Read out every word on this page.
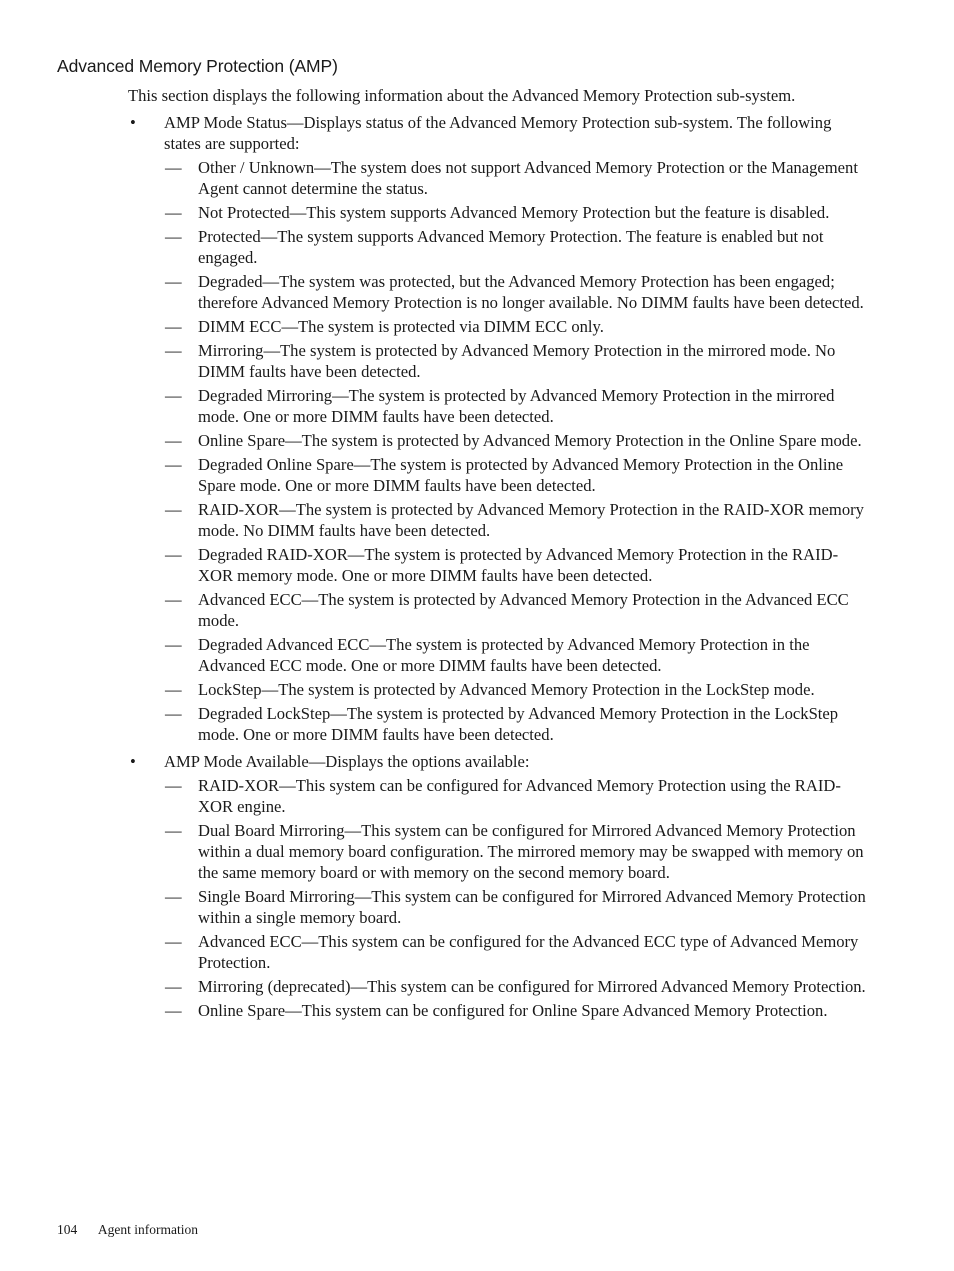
Advanced Memory Protection (AMP)

This section displays the following information about the Advanced Memory Protection sub-system.

• AMP Mode Status—Displays status of the Advanced Memory Protection sub-system. The following states are supported:
— Other / Unknown—The system does not support Advanced Memory Protection or the Management Agent cannot determine the status.
— Not Protected—This system supports Advanced Memory Protection but the feature is disabled.
— Protected—The system supports Advanced Memory Protection. The feature is enabled but not engaged.
— Degraded—The system was protected, but the Advanced Memory Protection has been engaged; therefore Advanced Memory Protection is no longer available. No DIMM faults have been detected.
— DIMM ECC—The system is protected via DIMM ECC only.
— Mirroring—The system is protected by Advanced Memory Protection in the mirrored mode. No DIMM faults have been detected.
— Degraded Mirroring—The system is protected by Advanced Memory Protection in the mirrored mode. One or more DIMM faults have been detected.
— Online Spare—The system is protected by Advanced Memory Protection in the Online Spare mode.
— Degraded Online Spare—The system is protected by Advanced Memory Protection in the Online Spare mode. One or more DIMM faults have been detected.
— RAID-XOR—The system is protected by Advanced Memory Protection in the RAID-XOR memory mode. No DIMM faults have been detected.
— Degraded RAID-XOR—The system is protected by Advanced Memory Protection in the RAID-XOR memory mode. One or more DIMM faults have been detected.
— Advanced ECC—The system is protected by Advanced Memory Protection in the Advanced ECC mode.
— Degraded Advanced ECC—The system is protected by Advanced Memory Protection in the Advanced ECC mode. One or more DIMM faults have been detected.
— LockStep—The system is protected by Advanced Memory Protection in the LockStep mode.
— Degraded LockStep—The system is protected by Advanced Memory Protection in the LockStep mode. One or more DIMM faults have been detected.
• AMP Mode Available—Displays the options available:
— RAID-XOR—This system can be configured for Advanced Memory Protection using the RAID-XOR engine.
— Dual Board Mirroring—This system can be configured for Mirrored Advanced Memory Protection within a dual memory board configuration. The mirrored memory may be swapped with memory on the same memory board or with memory on the second memory board.
— Single Board Mirroring—This system can be configured for Mirrored Advanced Memory Protection within a single memory board.
— Advanced ECC—This system can be configured for the Advanced ECC type of Advanced Memory Protection.
— Mirroring (deprecated)—This system can be configured for Mirrored Advanced Memory Protection.
— Online Spare—This system can be configured for Online Spare Advanced Memory Protection.
104 Agent information
